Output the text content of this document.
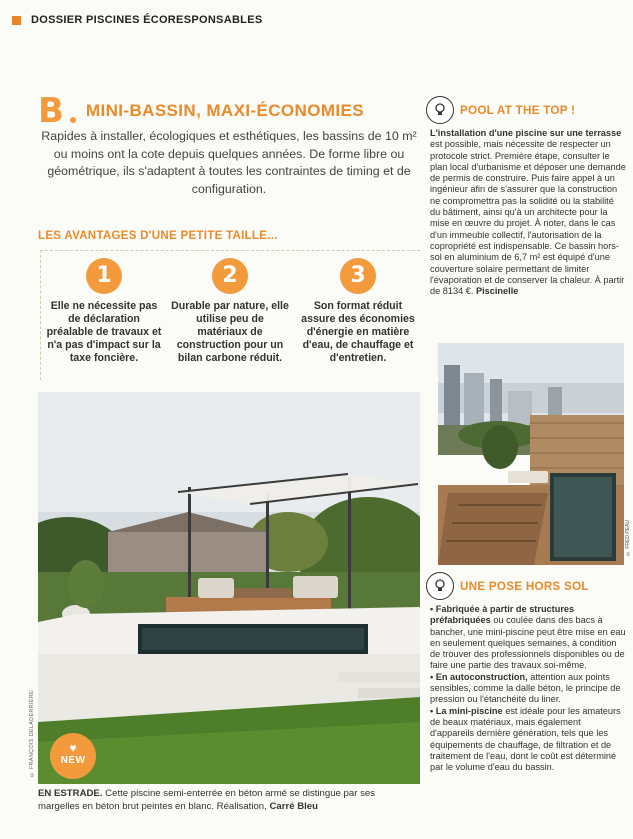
DOSSIER PISCINES ÉCORESPONSABLES
B MINI-BASSIN, MAXI-ÉCONOMIES

Rapides à installer, écologiques et esthétiques, les bassins de 10 m² ou moins ont la cote depuis quelques années. De forme libre ou géométrique, ils s'adaptent à toutes les contraintes de timing et de configuration.

LES AVANTAGES D'UNE PETITE TAILLE...
1
Elle ne nécessite pas de déclaration préalable de travaux et n'a pas d'impact sur la taxe foncière.
2
Durable par nature, elle utilise peu de matériaux de construction pour un bilan carbone réduit.
3
Son format réduit assure des économies d'énergie en matière d'eau, de chauffage et d'entretien.
© FRANÇOIS DELADERRIÈRE	♥
NEW

EN ESTRADE. Cette piscine semi-enterrée en béton armé se distingue par ses margelles en béton brut peintes en blanc. Réalisation, Carré Bleu

POOL AT THE TOP !

L'installation d'une piscine sur une terrasse est possible, mais nécessite de respecter un protocole strict. Première étape, consulter le plan local d'urbanisme et déposer une demande de permis de construire. Puis faire appel à un ingénieur afin de s'assurer que la construction ne compromettra pas la solidité ou la stabilité du bâtiment, ainsi qu'à un architecte pour la mise en œuvre du projet. À noter, dans le cas d'un immeuble collectif, l'autorisation de la copropriété est indispensable. Ce bassin hors-sol en aluminium de 6,7 m² est équipé d'une couverture solaire permettant de limiter l'évaporation et de conserver la chaleur. À partir de 8134 €. Piscinelle

© FRED PEAU
UNE POSE HORS SOL

• Fabriquée à partir de structures préfabriquées ou coulée dans des bacs à bancher, une mini-piscine peut être mise en eau en seulement quelques semaines, à condition de trouver des professionnels disponibles ou de faire une partie des travaux soi-même.

• En autoconstruction, attention aux points sensibles, comme la dalle béton, le principe de pression ou l'étanchéité du liner.

• La mini-piscine est idéale pour les amateurs de beaux matériaux, mais également d'appareils dernière génération, tels que les équipements de chauffage, de filtration et de traitement de l'eau, dont le coût est déterminé par le volume d'eau du bassin.
